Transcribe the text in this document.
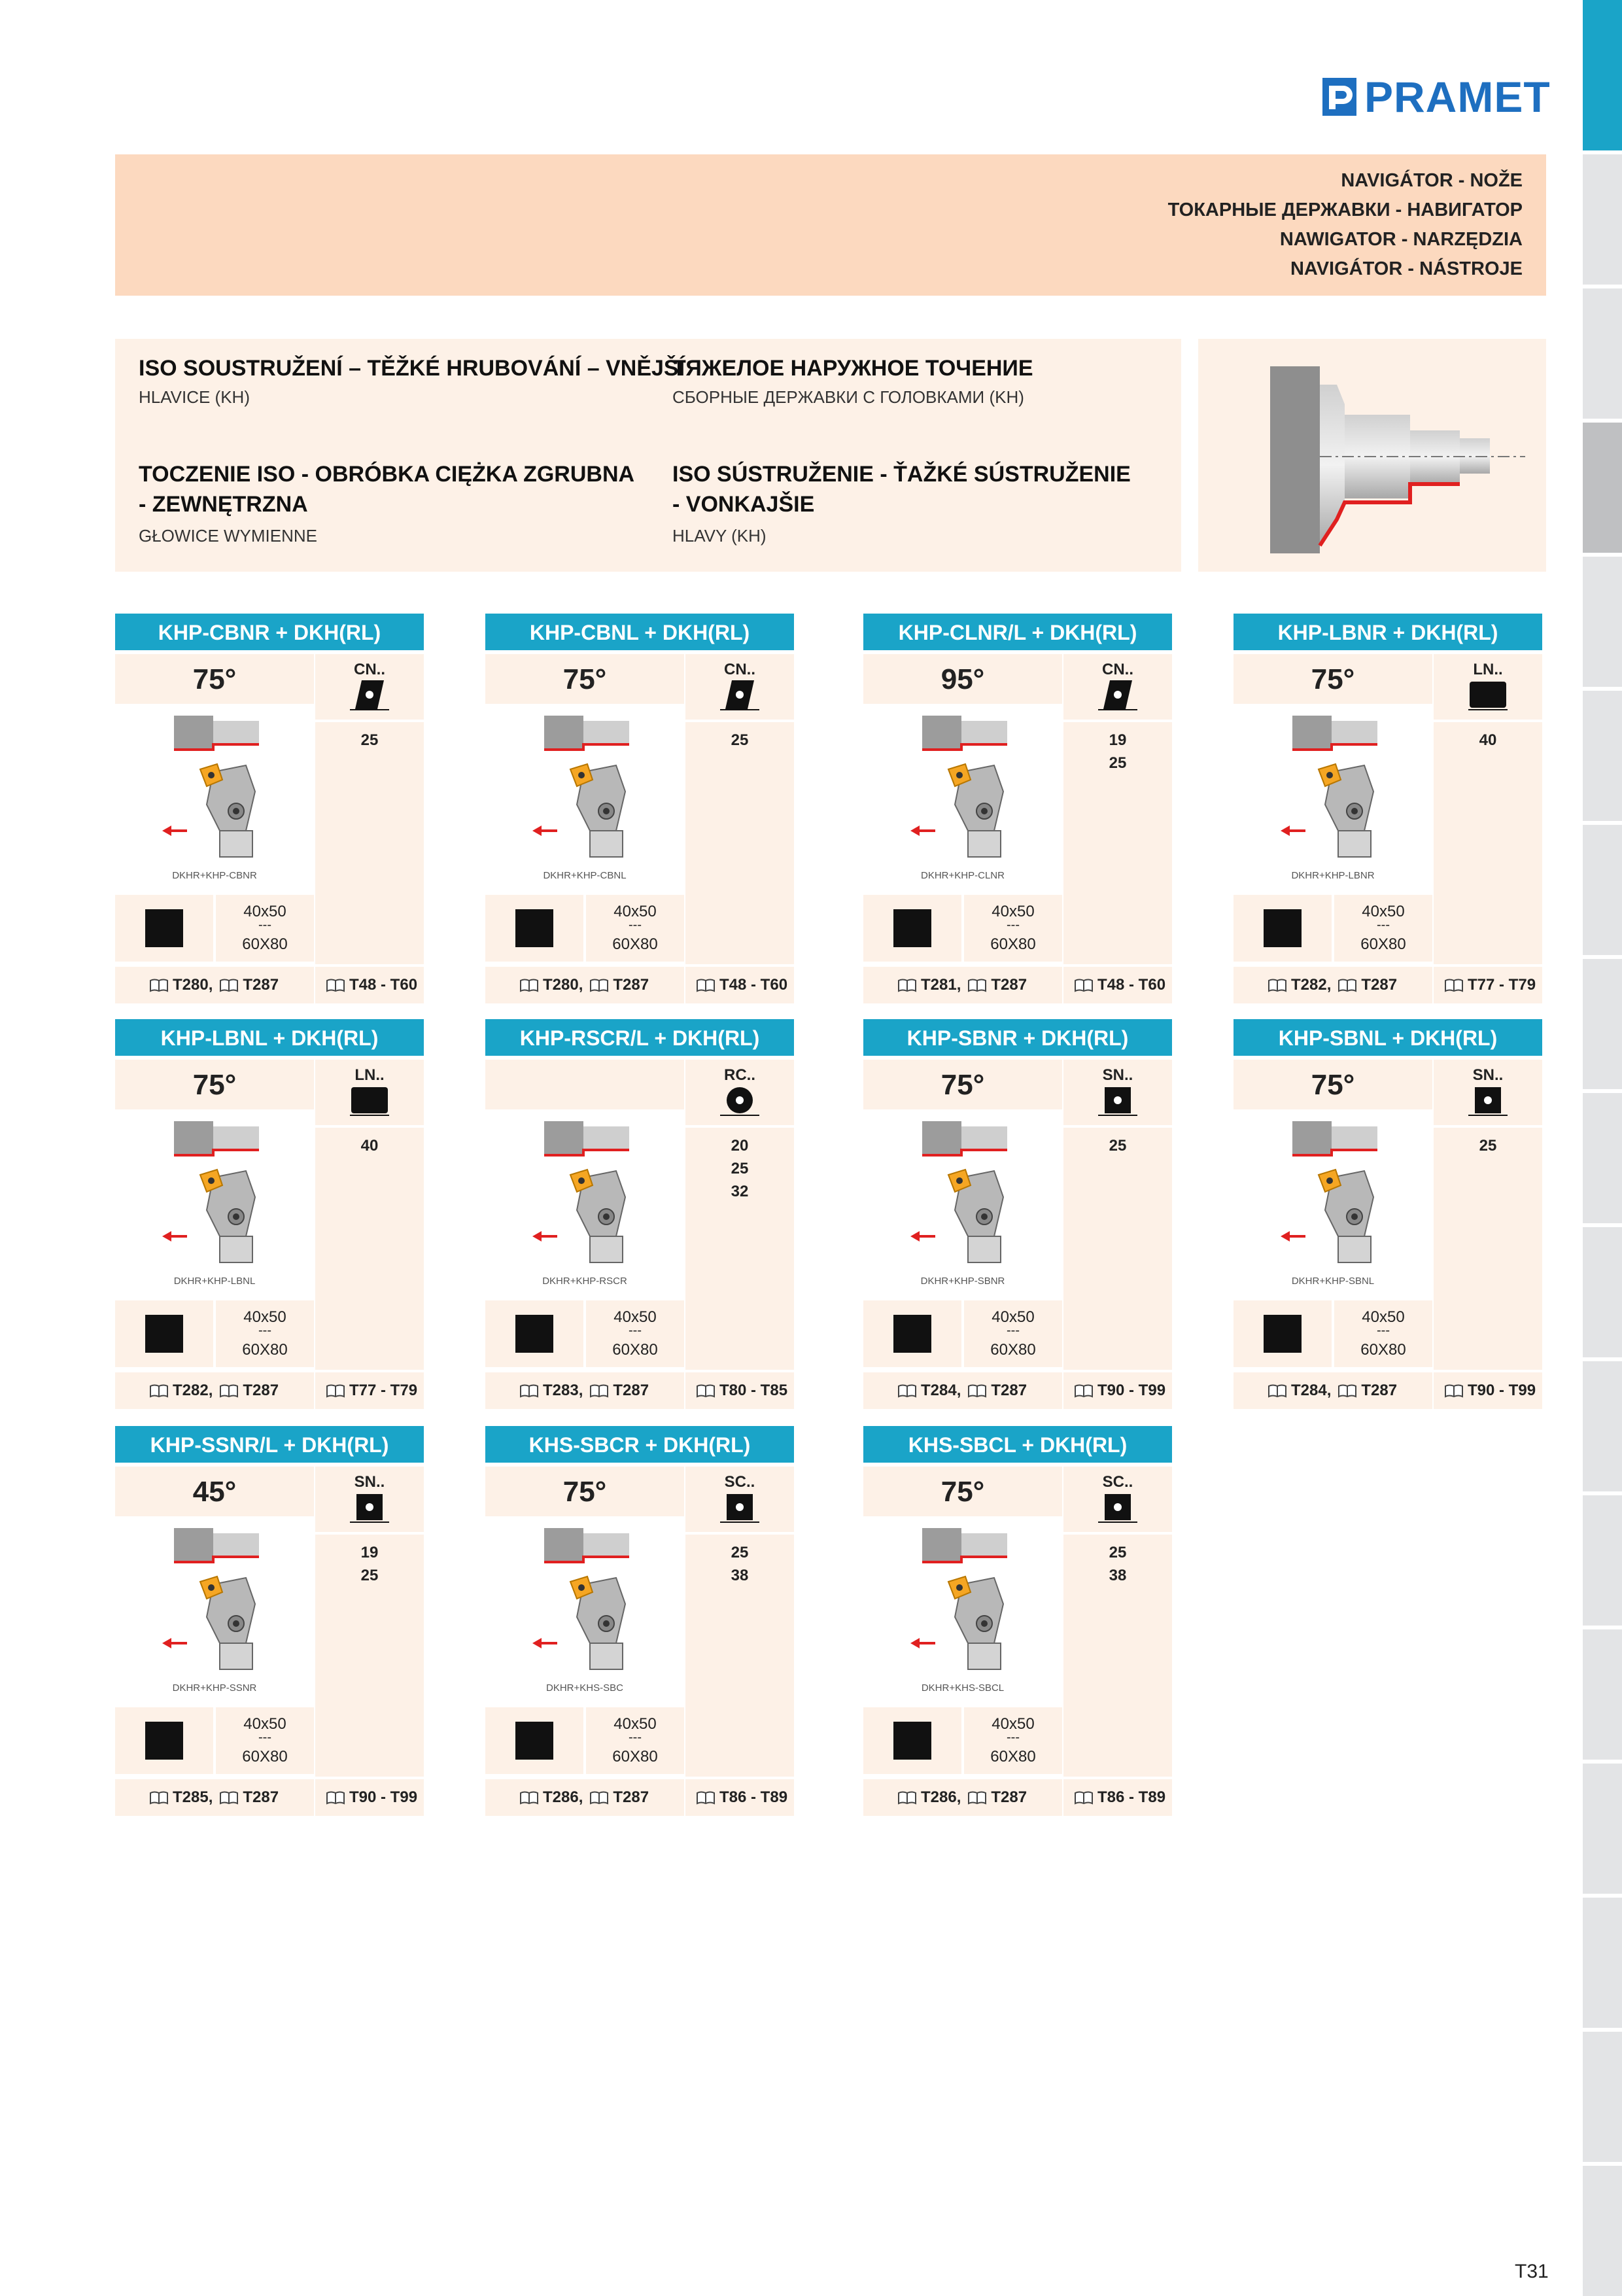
PRAMET
NAVIGÁTOR - NOŽE
ТОКАРНЫЕ ДЕРЖАВКИ - НАВИГАТОР
NAWIGATOR - NARZĘDZIA
NAVIGÁTOR - NÁSTROJE
ISO SOUSTRUŽENÍ – TĚŽKÉ HRUBOVÁNÍ – VNĚJŠÍ
HLAVICE (KH)
ТЯЖЕЛОЕ НАРУЖНОЕ ТОЧЕНИЕ
СБОРНЫЕ ДЕРЖАВКИ С ГОЛОВКАМИ (KH)
TOCZENIE ISO - OBRÓBKA CIĘŻKA ZGRUBNA
- ZEWNĘTRZNA
GŁOWICE WYMIENNE
ISO SÚSTRUŽENIE - ŤAŽKÉ SÚSTRUŽENIE
- VONKAJŠIE
HLAVY (KH)
KHP-CBNR + DKH(RL)
75°
DKHR+KHP-CBNR
40x50
---
60X80
CN..
25
T280, T287	T48 - T60
KHP-CBNL + DKH(RL)
75°
DKHR+KHP-CBNL
40x50
---
60X80
CN..
25
T280, T287	T48 - T60
KHP-CLNR/L + DKH(RL)
95°
DKHR+KHP-CLNR
40x50
---
60X80
CN..
19
25
T281, T287	T48 - T60
KHP-LBNR + DKH(RL)
75°
DKHR+KHP-LBNR
40x50
---
60X80
LN..
40
T282, T287	T77 - T79
KHP-LBNL + DKH(RL)
75°
DKHR+KHP-LBNL
40x50
---
60X80
LN..
40
T282, T287	T77 - T79
KHP-RSCR/L + DKH(RL)
DKHR+KHP-RSCR
40x50
---
60X80
RC..
20
25
32
T283, T287	T80 - T85
KHP-SBNR + DKH(RL)
75°
DKHR+KHP-SBNR
40x50
---
60X80
SN..
25
T284, T287	T90 - T99
KHP-SBNL + DKH(RL)
75°
DKHR+KHP-SBNL
40x50
---
60X80
SN..
25
T284, T287	T90 - T99
KHP-SSNR/L + DKH(RL)
45°
DKHR+KHP-SSNR
40x50
---
60X80
SN..
19
25
T285, T287	T90 - T99
KHS-SBCR + DKH(RL)
75°
DKHR+KHS-SBC
40x50
---
60X80
SC..
25
38
T286, T287	T86 - T89
KHS-SBCL + DKH(RL)
75°
DKHR+KHS-SBCL
40x50
---
60X80
SC..
25
38
T286, T287	T86 - T89
T31
